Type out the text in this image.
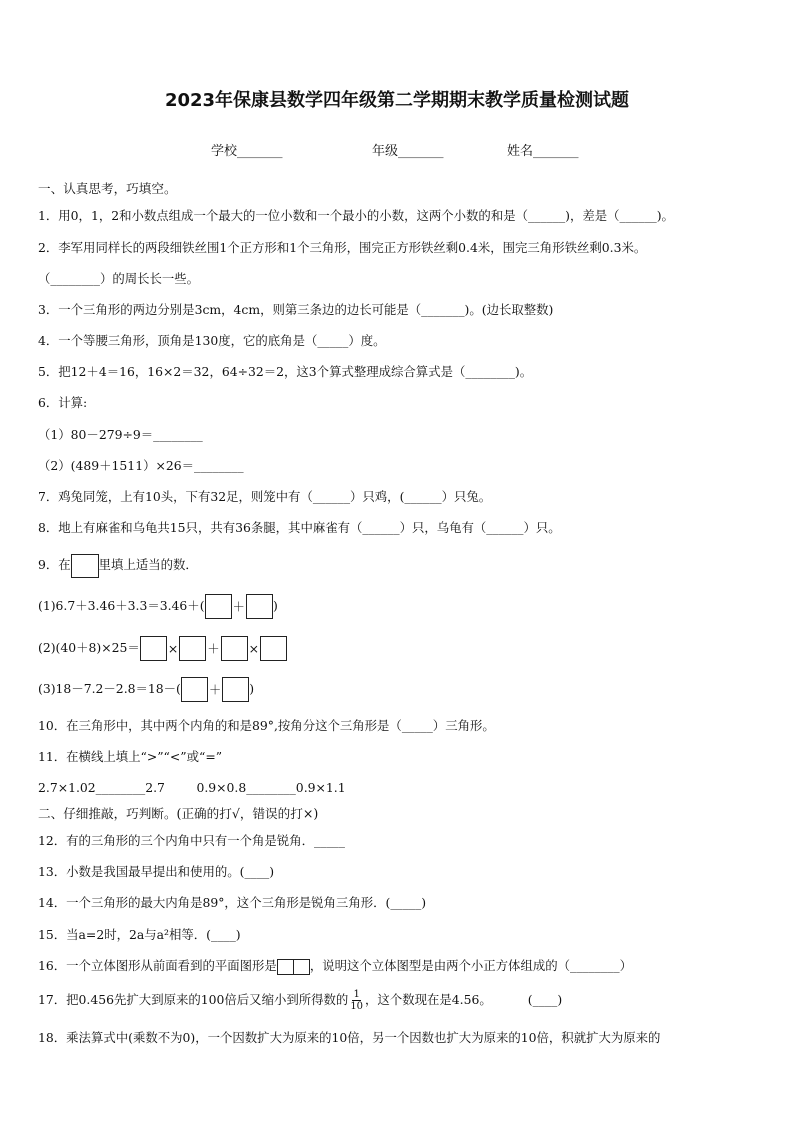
2023年保康县数学四年级第二学期期末教学质量检测试题
学校_______	年级_______	姓名_______
一、认真思考，巧填空。
1．用0，1，2和小数点组成一个最大的一位小数和一个最小的小数，这两个小数的和是（______)，差是（______)。
2．李军用同样长的两段细铁丝围1个正方形和1个三角形，围完正方形铁丝剩0.4米，围完三角形铁丝剩0.3米。
（________）的周长长一些。
3．一个三角形的两边分别是3cm，4cm，则第三条边的边长可能是（_______)。(边长取整数)
4．一个等腰三角形，顶角是130度，它的底角是（_____）度。
5．把12＋4＝16，16×2＝32，64÷32＝2，这3个算式整理成综合算式是（________)。
6．计算:
（1）80－279÷9＝________
（2）(489＋1511）×26＝________
7．鸡兔同笼，上有10头，下有32足，则笼中有（______）只鸡，(______）只兔。
8．地上有麻雀和乌龟共15只，共有36条腿，其中麻雀有（______）只，乌龟有（______）只。
9．在 里填上适当的数．
(1)6.7＋3.46＋3.3＝3.46＋( ＋ )
(2)(40＋8)×25＝ × ＋ ×
(3)18－7.2－2.8＝18－( ＋ )
10．在三角形中，其中两个内角的和是89°,按角分这个三角形是（_____）三角形。
11．在横线上填上“>”“<”或“=”
2.7×1.02________2.7        0.9×0.8________0.9×1.1
二、仔细推敲，巧判断。(正确的打√，错误的打×)
12．有的三角形的三个内角中只有一个角是锐角．_____
13．小数是我国最早提出和使用的。(____)
14．一个三角形的最大内角是89°，这个三角形是锐角三角形．(_____)
15．当a=2时，2a与a²相等．(____)
16．一个立体图形从前面看到的平面图形是	，说明这个立体图型是由两个小正方体组成的（________）
17．把0.456先扩大到原来的100倍后又缩小到所得数的 $\frac{1}{10}$ ，这个数现在是4.56。	(____)
18．乘法算式中(乘数不为0)，一个因数扩大为原来的10倍，另一个因数也扩大为原来的10倍，积就扩大为原来的
